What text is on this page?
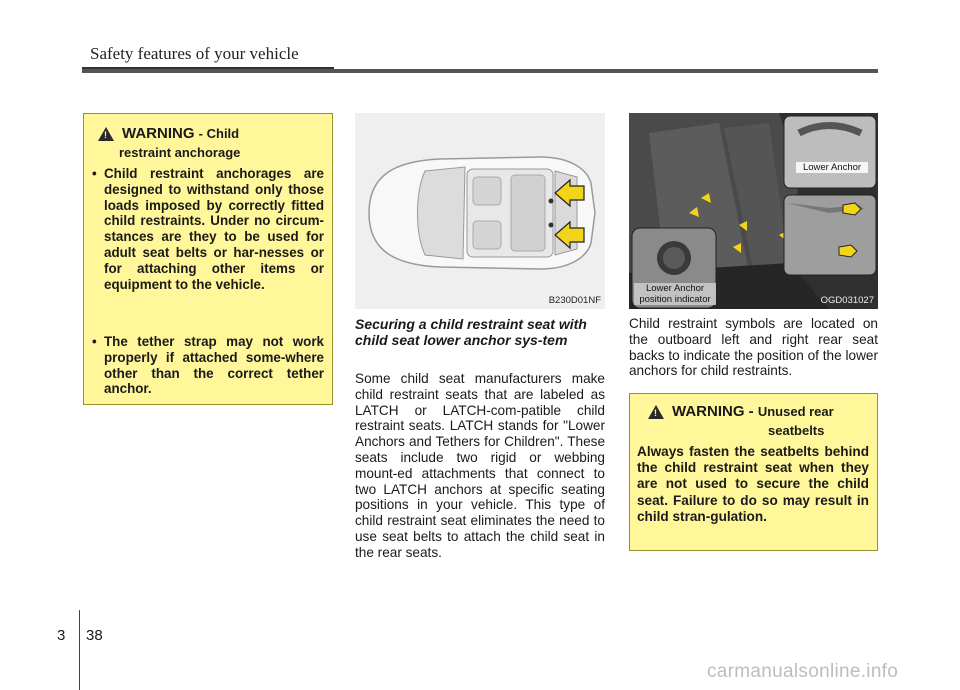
Safety features of your vehicle
! WARNING - Child
restraint anchorage
• Child restraint anchorages are designed to withstand only those loads imposed by correctly fitted child restraints. Under no circum-stances are they to be used for adult seat belts or har-nesses or for attaching other items or equipment to the vehicle.
• The tether strap may not work properly if attached some-where other than the correct tether anchor.
B230D01NF
Lower Anchor
Lower Anchor
position indicator	OGD031027
Securing a child restraint seat with child seat lower anchor sys-tem
Some child seat manufacturers make child restraint seats that are labeled as LATCH or LATCH-com-patible child restraint seats. LATCH stands for "Lower Anchors and Tethers for Children". These seats include two rigid or webbing mount-ed attachments that connect to two LATCH anchors at specific seating positions in your vehicle. This type of child restraint seat eliminates the need to use seat belts to attach the child seat in the rear seats.
Child restraint symbols are located on the outboard left and right rear seat backs to indicate the position of the lower anchors for child restraints.
! WARNING - Unused rear
seatbelts
Always fasten the seatbelts behind the child restraint seat when they are not used to secure the child seat. Failure to do so may result in child stran-gulation.
3 38
carmanualsonline.info
